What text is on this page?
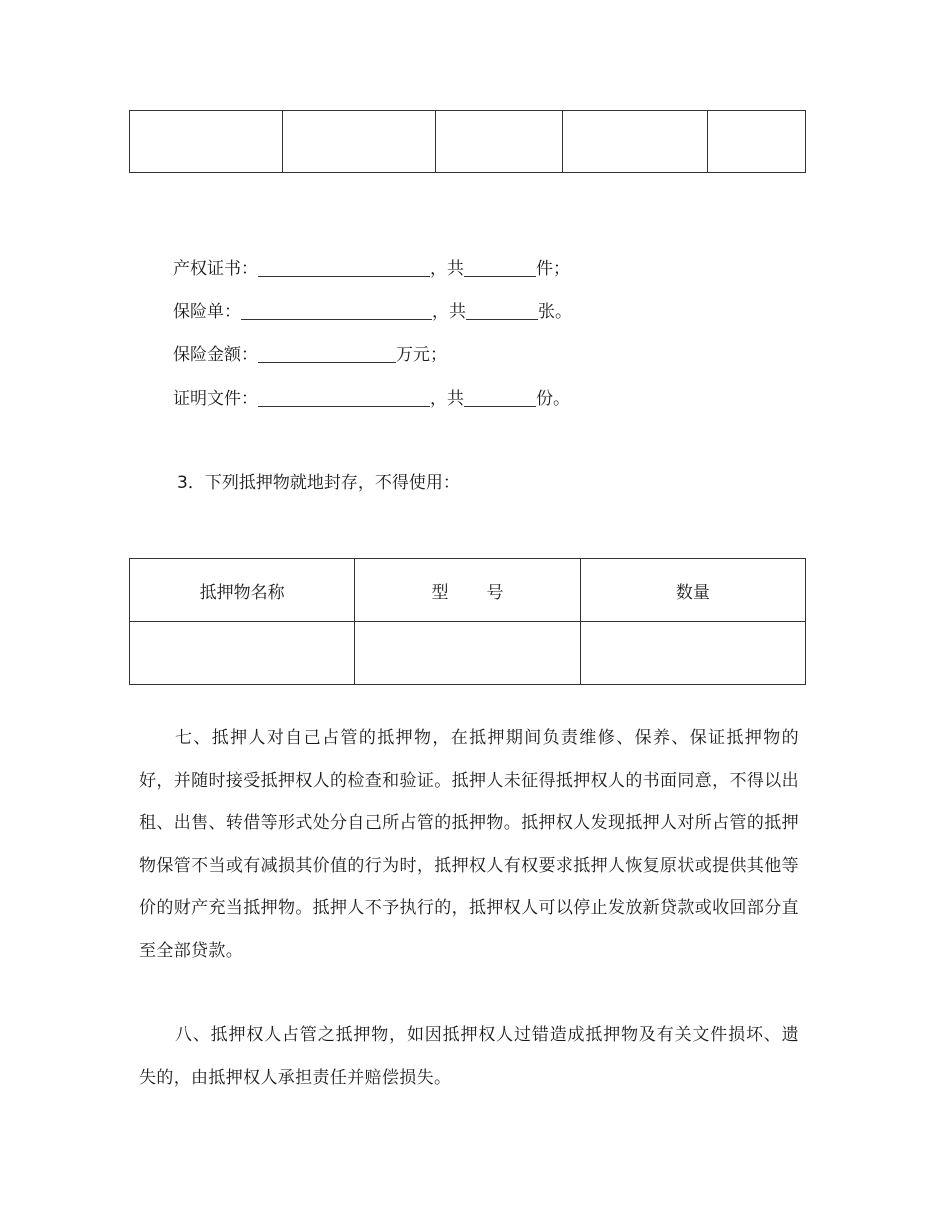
产权证书：	，共	件；
保险单：	，共	张。
保险金额：	万元；
证明文件：	，共	份。
3．下列抵押物就地封存，不得使用：
抵押物名称	型 号	数量

七、抵押人对自己占管的抵押物，在抵押期间负责维修、保养、保证抵押物的好，并随时接受抵押权人的检查和验证。抵押人未征得抵押权人的书面同意，不得以出租、出售、转借等形式处分自己所占管的抵押物。抵押权人发现抵押人对所占管的抵押物保管不当或有减损其价值的行为时，抵押权人有权要求抵押人恢复原状或提供其他等价的财产充当抵押物。抵押人不予执行的，抵押权人可以停止发放新贷款或收回部分直至全部贷款。

八、抵押权人占管之抵押物，如因抵押权人过错造成抵押物及有关文件损坏、遗失的，由抵押权人承担责任并赔偿损失。
